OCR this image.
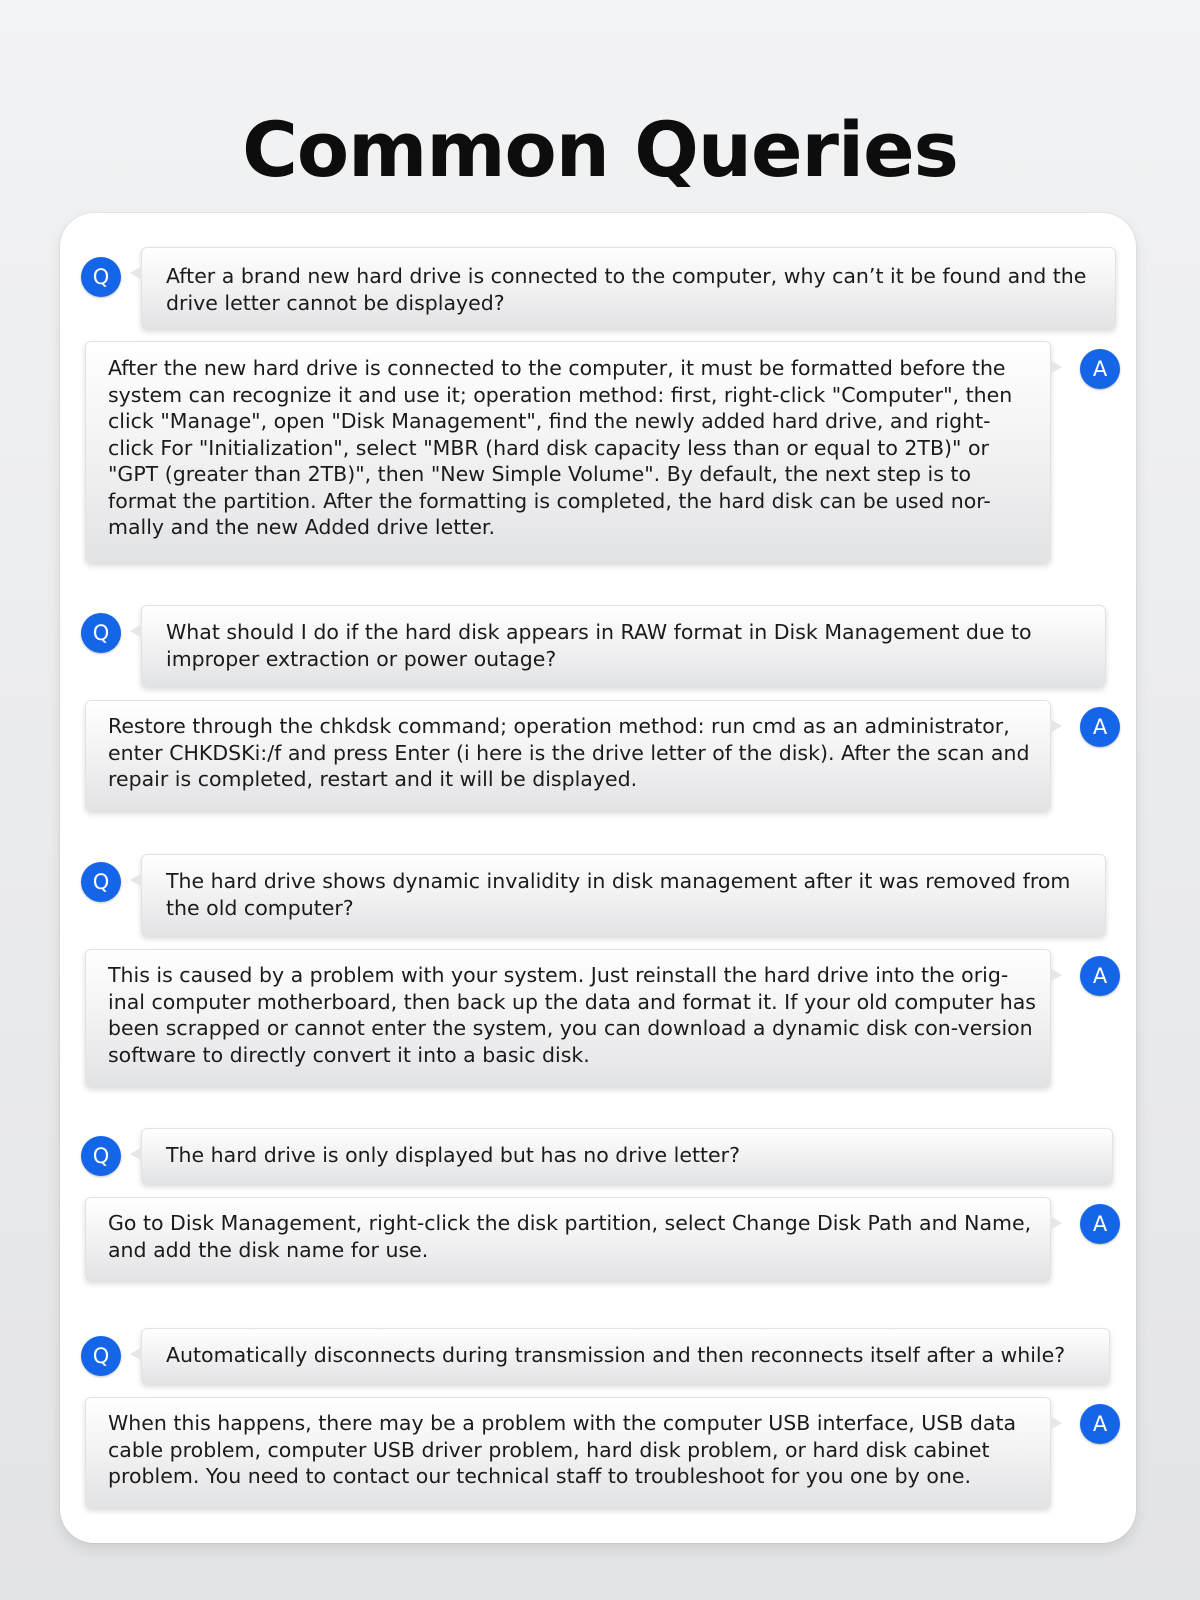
Common Queries
Q	After a brand new hard drive is connected to the computer, why can’t it be found and the drive letter cannot be displayed?
After the new hard drive is connected to the computer, it must be formatted before the system can recognize it and use it; operation method: first, right-click "Computer", then click "Manage", open "Disk Management", find the newly added hard drive, and right-click For "Initialization", select "MBR (hard disk capacity less than or equal to 2TB)" or "GPT (greater than 2TB)", then "New Simple Volume". By default, the next step is to format the partition. After the formatting is completed, the hard disk can be used nor-mally and the new Added drive letter.
A
Q	What should I do if the hard disk appears in RAW format in Disk Management due to improper extraction or power outage?
Restore through the chkdsk command; operation method: run cmd as an administrator, enter CHKDSKi:/f and press Enter (i here is the drive letter of the disk). After the scan and repair is completed, restart and it will be displayed.
A
Q	The hard drive shows dynamic invalidity in disk management after it was removed from the old computer?
This is caused by a problem with your system. Just reinstall the hard drive into the orig-inal computer motherboard, then back up the data and format it. If your old computer has been scrapped or cannot enter the system, you can download a dynamic disk con-version software to directly convert it into a basic disk.
A
Q	The hard drive is only displayed but has no drive letter?
Go to Disk Management, right-click the disk partition, select Change Disk Path and Name, and add the disk name for use.
A
Q	Automatically disconnects during transmission and then reconnects itself after a while?
When this happens, there may be a problem with the computer USB interface, USB data cable problem, computer USB driver problem, hard disk problem, or hard disk cabinet problem. You need to contact our technical staff to troubleshoot for you one by one.
A
